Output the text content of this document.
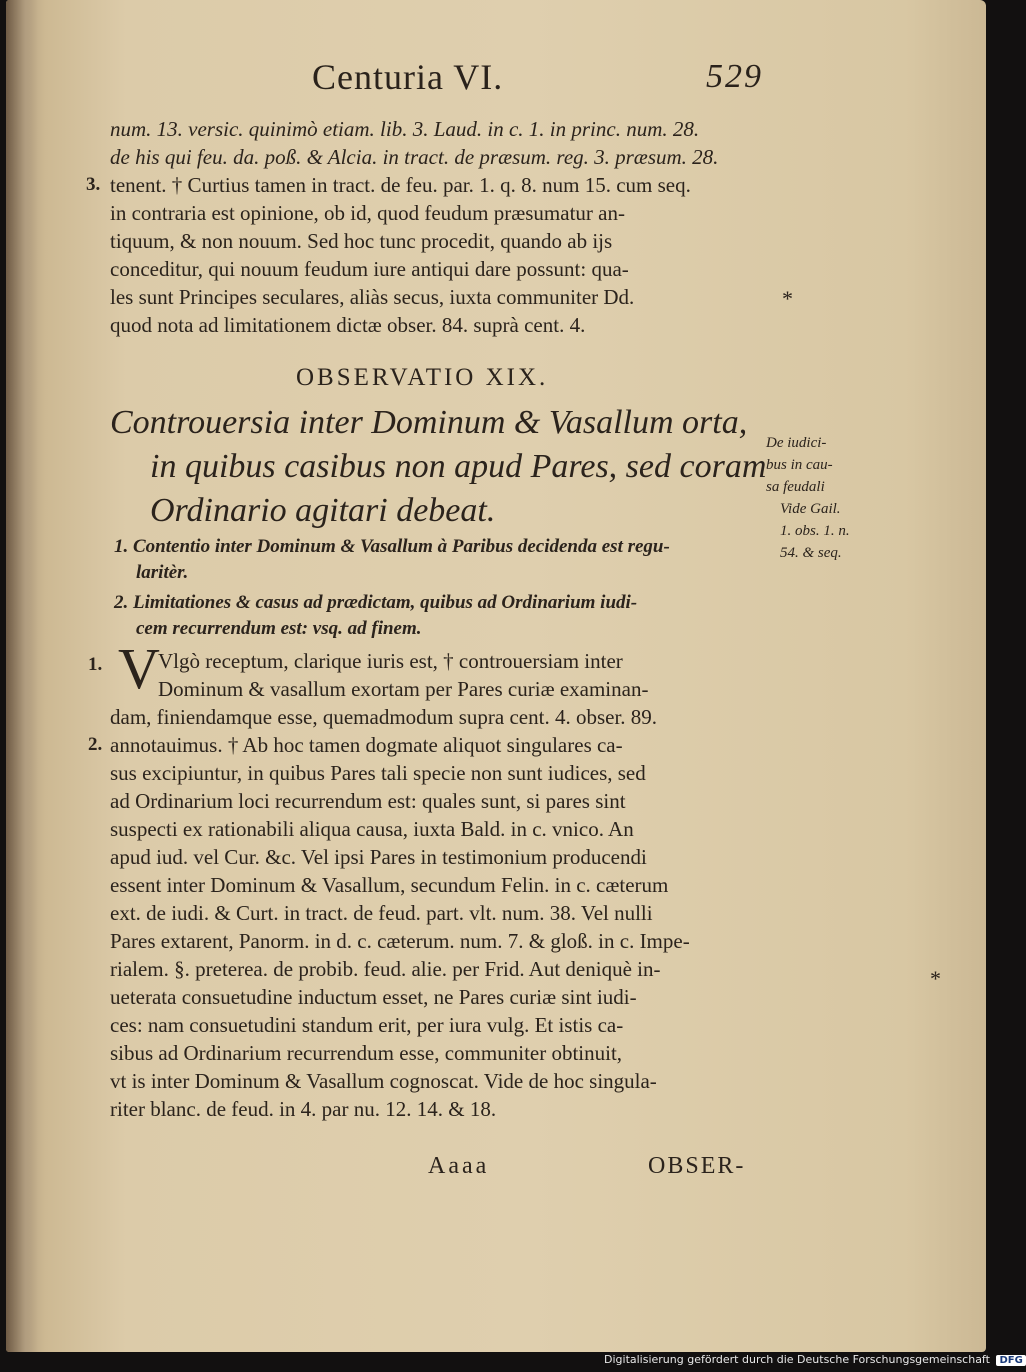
Centuria VI.	529
num. 13. versic. quinimò etiam. lib. 3. Laud. in c. 1. in princ. num. 28.
de his qui feu. da. poß. & Alcia. in tract. de præsum. reg. 3. præsum. 28.
tenent. † Curtius tamen in tract. de feu. par. 1. q. 8. num 15. cum seq.
in contraria est opinione, ob id, quod feudum præsumatur an-
tiquum, & non nouum. Sed hoc tunc procedit, quando ab ijs
conceditur, qui nouum feudum iure antiqui dare possunt: qua-
les sunt Principes seculares, aliàs secus, iuxta communiter Dd.
quod nota ad limitationem dictæ obser. 84. suprà cent. 4.
3.
*
OBSERVATIO XIX.
Controuersia inter Dominum & Vasallum orta,
in quibus casibus non apud Pares, sed coram
Ordinario agitari debeat.
De iudici-
bus in cau-
sa feudali
Vide Gail.
1. obs. 1. n.
54. & seq.
1. Contentio inter Dominum & Vasallum à Paribus decidenda est regu-
laritèr.
2. Limitationes & casus ad prædictam, quibus ad Ordinarium iudi-
cem recurrendum est: vsq. ad finem.
1. V
Vlgò receptum, clarique iuris est, † controuersiam inter
Dominum & vasallum exortam per Pares curiæ examinan-
dam, finiendamque esse, quemadmodum supra cent. 4. obser. 89.
2. annotauimus. † Ab hoc tamen dogmate aliquot singulares ca-
sus excipiuntur, in quibus Pares tali specie non sunt iudices, sed
ad Ordinarium loci recurrendum est: quales sunt, si pares sint
suspecti ex rationabili aliqua causa, iuxta Bald. in c. vnico. An
apud iud. vel Cur. &c. Vel ipsi Pares in testimonium producendi
essent inter Dominum & Vasallum, secundum Felin. in c. cæterum
ext. de iudi. & Curt. in tract. de feud. part. vlt. num. 38. Vel nulli
Pares extarent, Panorm. in d. c. cæterum. num. 7. & gloß. in c. Impe-
rialem. §. preterea. de probib. feud. alie. per Frid. Aut deniquè in-
ueterata consuetudine inductum esset, ne Pares curiæ sint iudi-
ces: nam consuetudini standum erit, per iura vulg. Et istis ca-
sibus ad Ordinarium recurrendum esse, communiter obtinuit,
vt is inter Dominum & Vasallum cognoscat. Vide de hoc singula-
riter blanc. de feud. in 4. par nu. 12. 14. & 18.
*
Aaaa	OBSER-
Digitalisierung gefördert durch die Deutsche Forschungsgemeinschaft DFG
